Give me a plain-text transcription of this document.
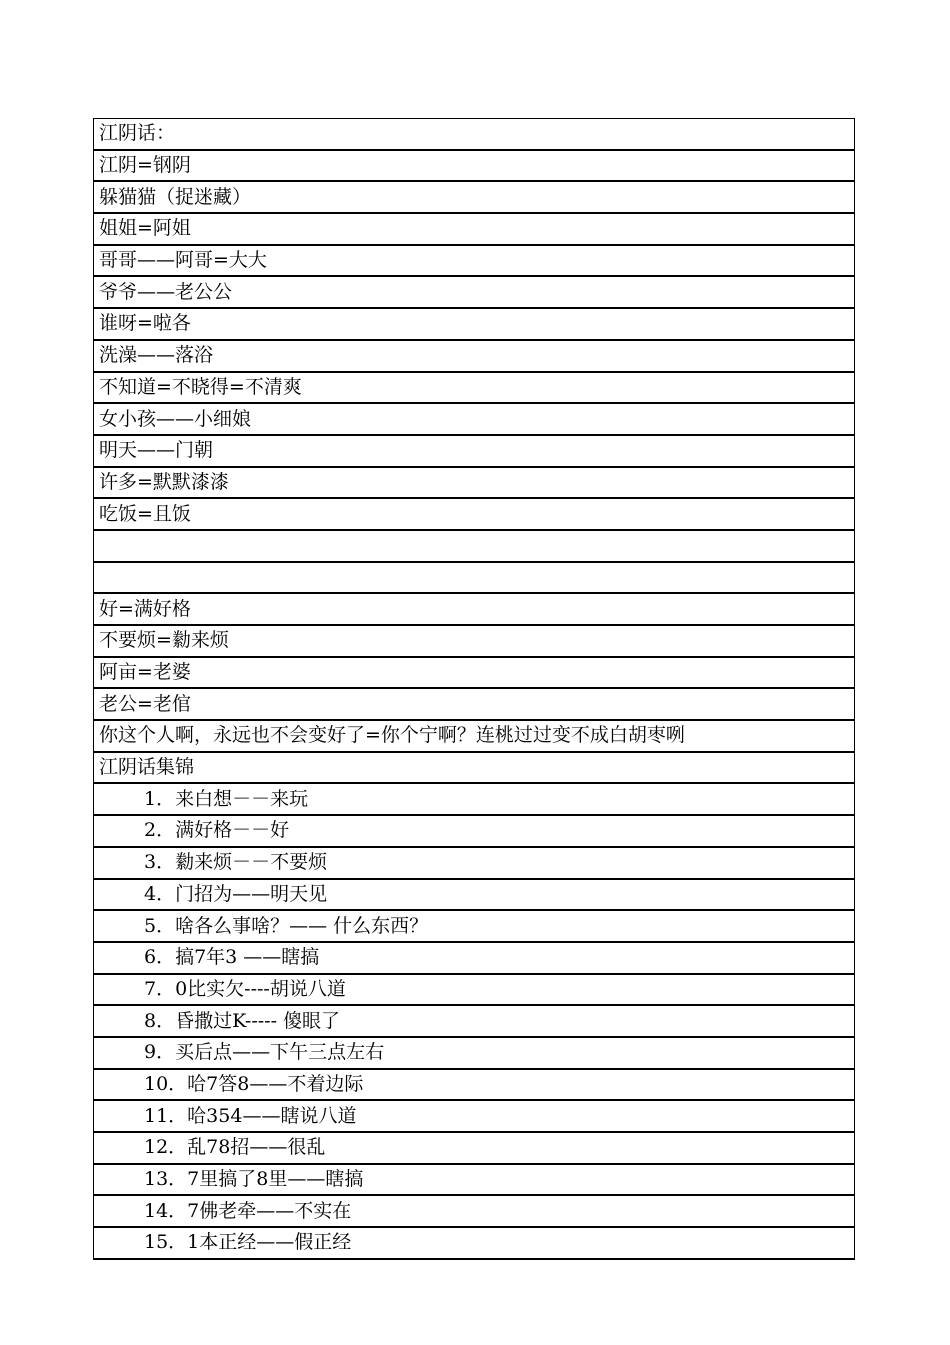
江阴话：
江阴=钢阴
躲猫猫（捉迷藏）
姐姐=阿姐
哥哥——阿哥=大大
爷爷——老公公
谁呀=啦各
洗澡——落浴
不知道=不晓得=不清爽
女小孩——小细娘
明天——门朝
许多=默默漆漆
吃饭=且饭

好=满好格
不要烦=勬来烦
阿亩=老婆
老公=老倌
你这个人啊，永远也不会变好了=你个宁啊？连桃过过变不成白胡枣咧
江阴话集锦
1．来白想－－来玩
2．满好格－－好
3．勬来烦－－不要烦
4．门招为——明天见
5．啥各么事啥？—— 什么东西？
6．搞7年3 ——瞎搞
7．0比实欠----胡说八道
8．昏撒过K----- 傻眼了
9．买后点——下午三点左右
10．哈7答8——不着边际
11．哈354——瞎说八道
12．乱78招——很乱
13．7里搞了8里——瞎搞
14．7佛老牵——不实在
15．1本正经——假正经
